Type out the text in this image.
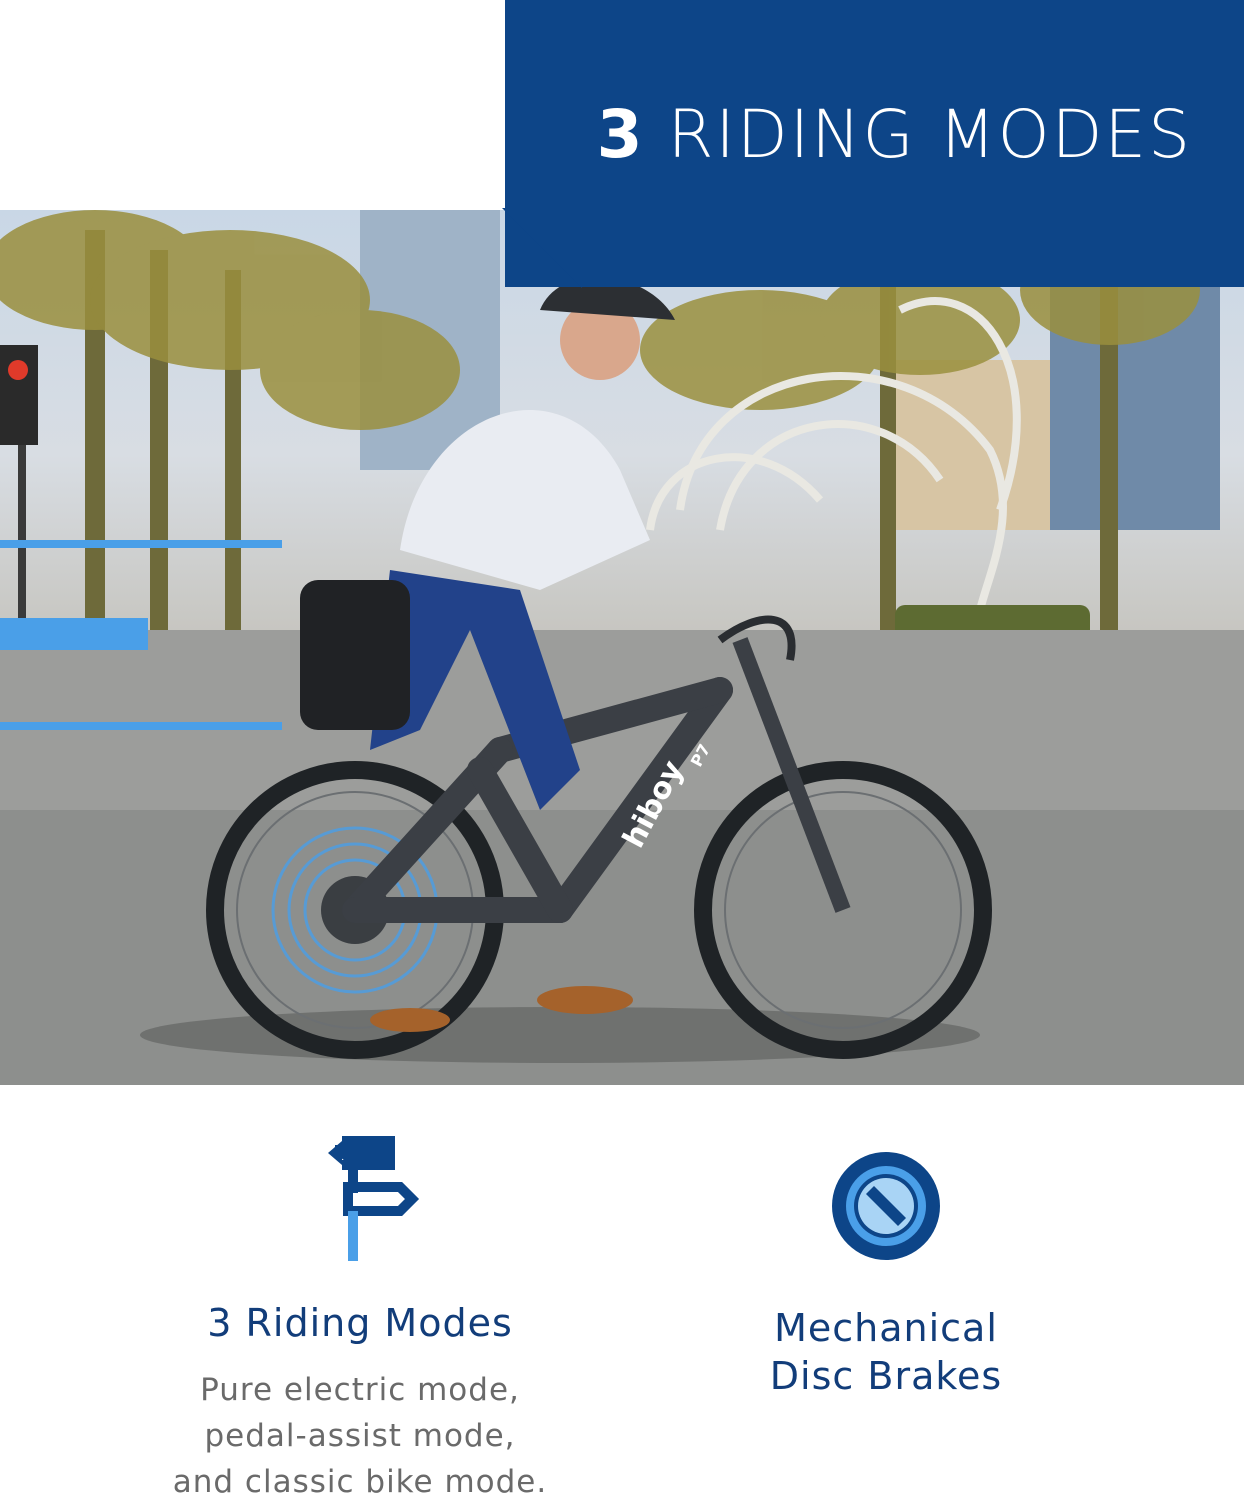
hiboy
P7
3 RIDING MODES
3 Riding Modes
Pure electric mode,
pedal-assist mode,
and classic bike mode.
Mechanical
Disc Brakes
